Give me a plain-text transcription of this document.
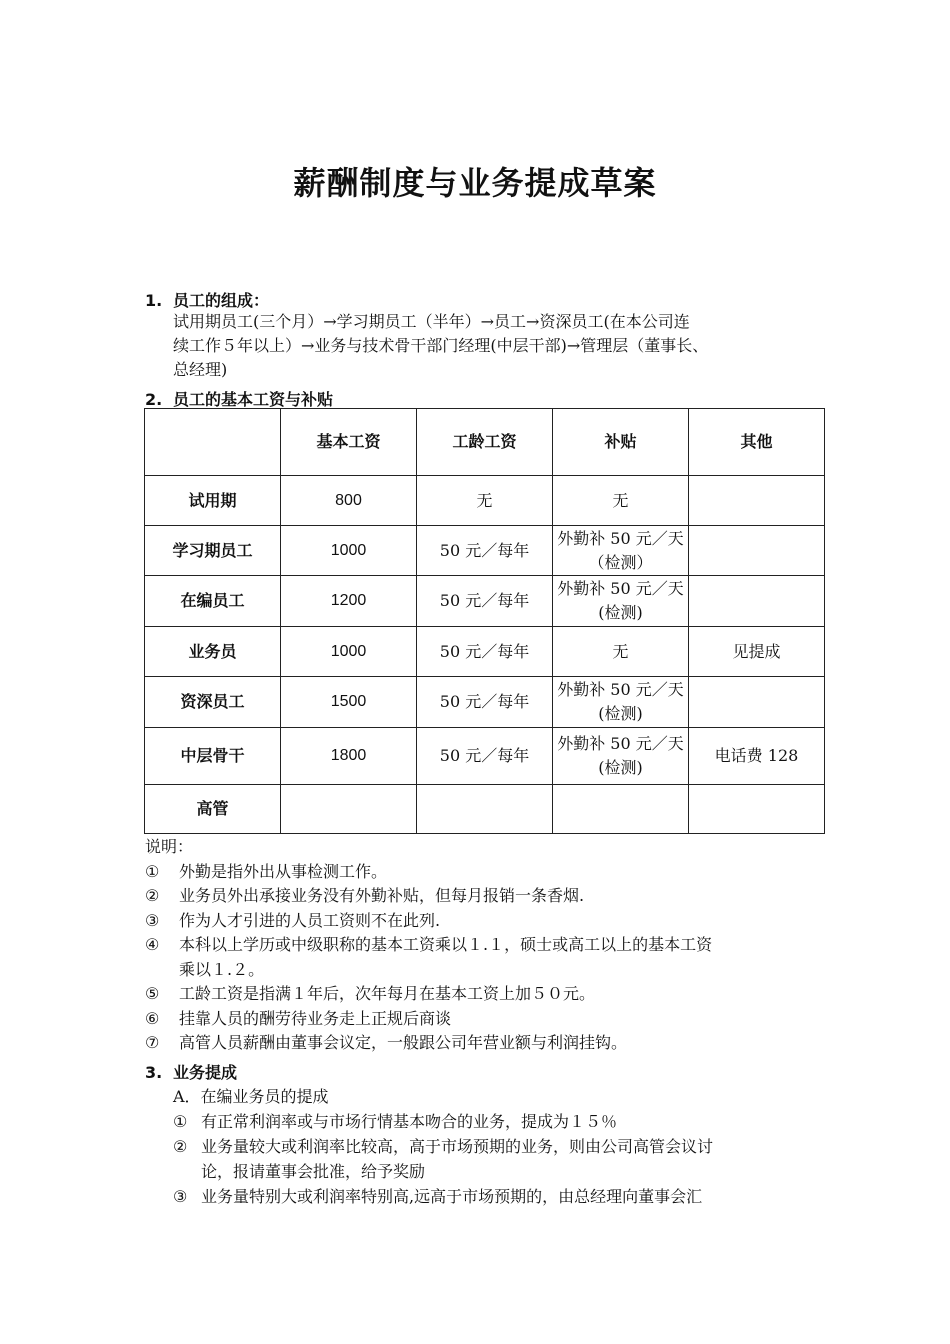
薪酬制度与业务提成草案
1. 员工的组成：
试用期员工(三个月）→学习期员工（半年）→员工→资深员工(在本公司连
续工作５年以上）→业务与技术骨干部门经理(中层干部)→管理层（董事长、
总经理)
2. 员工的基本工资与补贴
	基本工资	工龄工资	补贴	其他
试用期	800	无	无	
学习期员工	1000	50 元／每年	外勤补 50 元／天（检测）	
在编员工	1200	50 元／每年	外勤补 50 元／天(检测)	
业务员	1000	50 元／每年	无	见提成
资深员工	1500	50 元／每年	外勤补 50 元／天(检测)	
中层骨干	1800	50 元／每年	外勤补 50 元／天(检测)	电话费 128
高管				
说明：
①	外勤是指外出从事检测工作。
②	业务员外出承接业务没有外勤补贴，但每月报销一条香烟.
③	作为人才引进的人员工资则不在此列.
④	本科以上学历或中级职称的基本工资乘以１.１，硕士或高工以上的基本工资
乘以１.２。
⑤	工龄工资是指满１年后，次年每月在基本工资上加５０元。
⑥	挂靠人员的酬劳待业务走上正规后商谈
⑦	高管人员薪酬由董事会议定，一般跟公司年营业额与利润挂钩。
3. 业务提成
A．在编业务员的提成
① 有正常利润率或与市场行情基本吻合的业务，提成为１５％
② 业务量较大或利润率比较高，高于市场预期的业务，则由公司高管会议讨
论，报请董事会批准，给予奖励
③ 业务量特别大或利润率特别高,远高于市场预期的，由总经理向董事会汇
